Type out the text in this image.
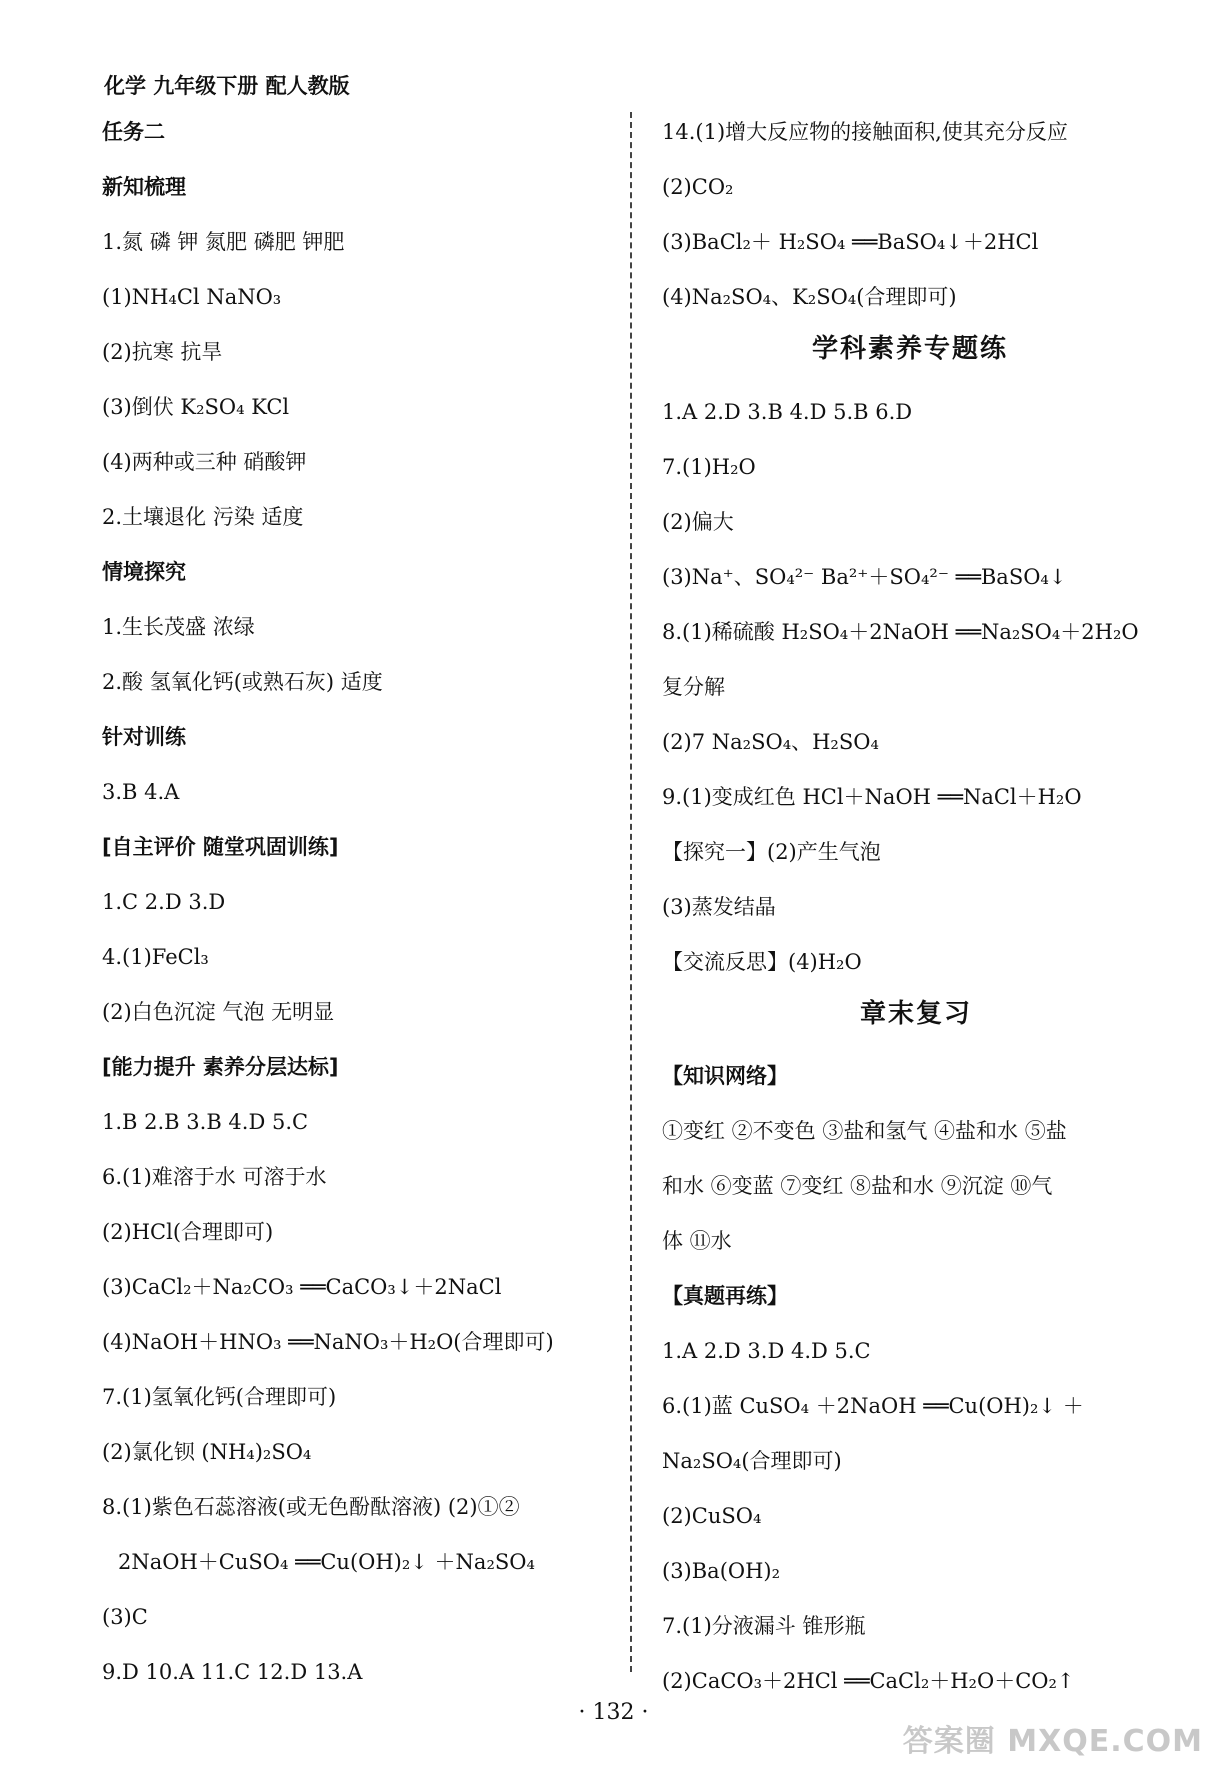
化学 九年级下册 配人教版
任务二
新知梳理
1.氮 磷 钾 氮肥 磷肥 钾肥
(1)NH₄Cl NaNO₃
(2)抗寒 抗旱
(3)倒伏 K₂SO₄ KCl
(4)两种或三种 硝酸钾
2.土壤退化 污染 适度
情境探究
1.生长茂盛 浓绿
2.酸 氢氧化钙(或熟石灰) 适度
针对训练
3.B 4.A
[自主评价 随堂巩固训练]
1.C 2.D 3.D
4.(1)FeCl₃
(2)白色沉淀 气泡 无明显
[能力提升 素养分层达标]
1.B 2.B 3.B 4.D 5.C
6.(1)难溶于水 可溶于水
(2)HCl(合理即可)
(3)CaCl₂＋Na₂CO₃ ══CaCO₃↓＋2NaCl
(4)NaOH＋HNO₃ ══NaNO₃＋H₂O(合理即可)
7.(1)氢氧化钙(合理即可)
(2)氯化钡 (NH₄)₂SO₄
8.(1)紫色石蕊溶液(或无色酚酞溶液) (2)①②
2NaOH＋CuSO₄ ══Cu(OH)₂↓ ＋Na₂SO₄
(3)C
9.D 10.A 11.C 12.D 13.A
14.(1)增大反应物的接触面积,使其充分反应
(2)CO₂
(3)BaCl₂＋ H₂SO₄ ══BaSO₄↓＋2HCl
(4)Na₂SO₄、K₂SO₄(合理即可)
学科素养专题练
1.A 2.D 3.B 4.D 5.B 6.D
7.(1)H₂O
(2)偏大
(3)Na⁺、SO₄²⁻ Ba²⁺＋SO₄²⁻ ══BaSO₄↓
8.(1)稀硫酸 H₂SO₄＋2NaOH ══Na₂SO₄＋2H₂O
复分解
(2)7 Na₂SO₄、H₂SO₄
9.(1)变成红色 HCl＋NaOH ══NaCl＋H₂O
【探究一】(2)产生气泡
(3)蒸发结晶
【交流反思】(4)H₂O
章末复习
【知识网络】
①变红 ②不变色 ③盐和氢气 ④盐和水 ⑤盐
和水 ⑥变蓝 ⑦变红 ⑧盐和水 ⑨沉淀 ⑩气
体 ⑪水
【真题再练】
1.A 2.D 3.D 4.D 5.C
6.(1)蓝 CuSO₄ ＋2NaOH ══Cu(OH)₂↓ ＋
Na₂SO₄(合理即可)
(2)CuSO₄
(3)Ba(OH)₂
7.(1)分液漏斗 锥形瓶
(2)CaCO₃＋2HCl ══CaCl₂＋H₂O＋CO₂↑
· 132 ·
答案圈 MXQE.COM
